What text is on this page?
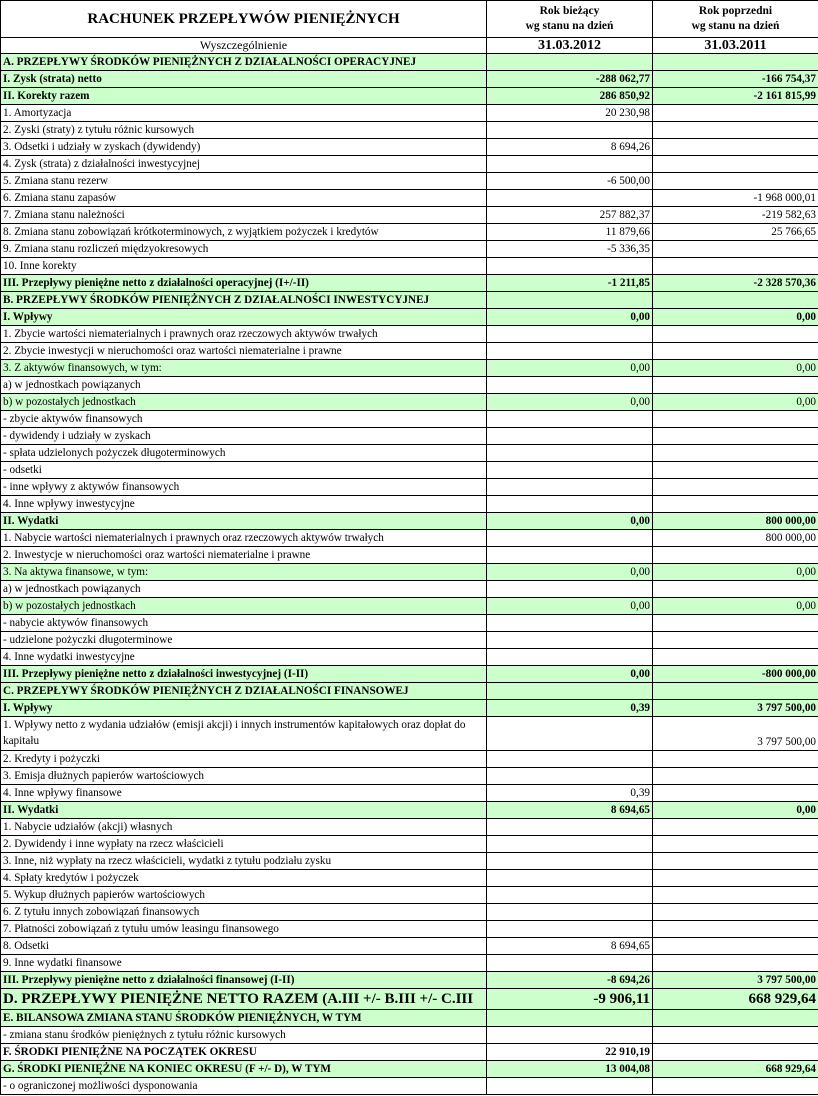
RACHUNEK PRZEPŁYWÓW PIENIĘŻNYCH	Rok bieżący
wg stanu na dzień	Rok poprzedni
wg stanu na dzień
Wyszczególnienie	31.03.2012	31.03.2011
A. PRZEPŁYWY ŚRODKÓW PIENIĘŻNYCH Z DZIAŁALNOŚCI OPERACYJNEJ		
I. Zysk (strata) netto	-288 062,77	-166 754,37
II. Korekty razem	286 850,92	-2 161 815,99
1. Amortyzacja	20 230,98	
2. Zyski (straty) z tytułu różnic kursowych		
3. Odsetki i udziały w zyskach (dywidendy)	8 694,26	
4. Zysk (strata) z działalności inwestycyjnej		
5. Zmiana stanu rezerw	-6 500,00	
6. Zmiana stanu zapasów		-1 968 000,01
7. Zmiana stanu należności	257 882,37	-219 582,63
8. Zmiana stanu zobowiązań krótkoterminowych, z wyjątkiem pożyczek i kredytów	11 879,66	25 766,65
9. Zmiana stanu rozliczeń międzyokresowych	-5 336,35	
10. Inne korekty		
III. Przepływy pieniężne netto z działalności operacyjnej (I+/-II)	-1 211,85	-2 328 570,36
B. PRZEPŁYWY ŚRODKÓW PIENIĘŻNYCH Z DZIAŁALNOŚCI INWESTYCYJNEJ		
I. Wpływy	0,00	0,00
1. Zbycie wartości niematerialnych i prawnych oraz rzeczowych aktywów trwałych		
2. Zbycie inwestycji w nieruchomości oraz wartości niematerialne i prawne		
3. Z aktywów finansowych, w tym:	0,00	0,00
a) w jednostkach powiązanych		
b) w pozostałych jednostkach	0,00	0,00
- zbycie aktywów finansowych		
- dywidendy i udziały w zyskach		
- spłata udzielonych pożyczek długoterminowych		
- odsetki		
- inne wpływy z aktywów finansowych		
4. Inne wpływy inwestycyjne		
II. Wydatki	0,00	800 000,00
1. Nabycie wartości niematerialnych i prawnych oraz rzeczowych aktywów trwałych		800 000,00
2. Inwestycje w nieruchomości oraz wartości niematerialne i prawne		
3. Na aktywa finansowe, w tym:	0,00	0,00
a) w jednostkach powiązanych		
b) w pozostałych jednostkach	0,00	0,00
- nabycie aktywów finansowych		
- udzielone pożyczki długoterminowe		
4. Inne wydatki inwestycyjne		
III. Przepływy pieniężne netto z działalności inwestycyjnej (I-II)	0,00	-800 000,00
C. PRZEPŁYWY ŚRODKÓW PIENIĘŻNYCH Z DZIAŁALNOŚCI FINANSOWEJ		
I. Wpływy	0,39	3 797 500,00
1. Wpływy netto z wydania udziałów (emisji akcji) i innych instrumentów kapitałowych oraz dopłat do kapitału		3 797 500,00
2. Kredyty i pożyczki		
3. Emisja dłużnych papierów wartościowych		
4. Inne wpływy finansowe	0,39	
II. Wydatki	8 694,65	0,00
1. Nabycie udziałów (akcji) własnych		
2. Dywidendy i inne wypłaty na rzecz właścicieli		
3. Inne, niż wypłaty na rzecz właścicieli, wydatki z tytułu podziału zysku		
4. Spłaty kredytów i pożyczek		
5. Wykup dłużnych papierów wartościowych		
6. Z tytułu innych zobowiązań finansowych		
7. Płatności zobowiązań z tytułu umów leasingu finansowego		
8. Odsetki	8 694,65	
9. Inne wydatki finansowe		
III. Przepływy pieniężne netto z działalności finansowej (I-II)	-8 694,26	3 797 500,00
D. PRZEPŁYWY PIENIĘŻNE NETTO RAZEM (A.III +/- B.III +/- C.III	-9 906,11	668 929,64
E. BILANSOWA ZMIANA STANU ŚRODKÓW PIENIĘŻNYCH, W TYM		
- zmiana stanu środków pieniężnych z tytułu różnic kursowych		
F. ŚRODKI PIENIĘŻNE NA POCZĄTEK OKRESU	22 910,19	
G. ŚRODKI PIENIĘŻNE NA KONIEC OKRESU (F +/- D), W TYM	13 004,08	668 929,64
- o ograniczonej możliwości dysponowania		
